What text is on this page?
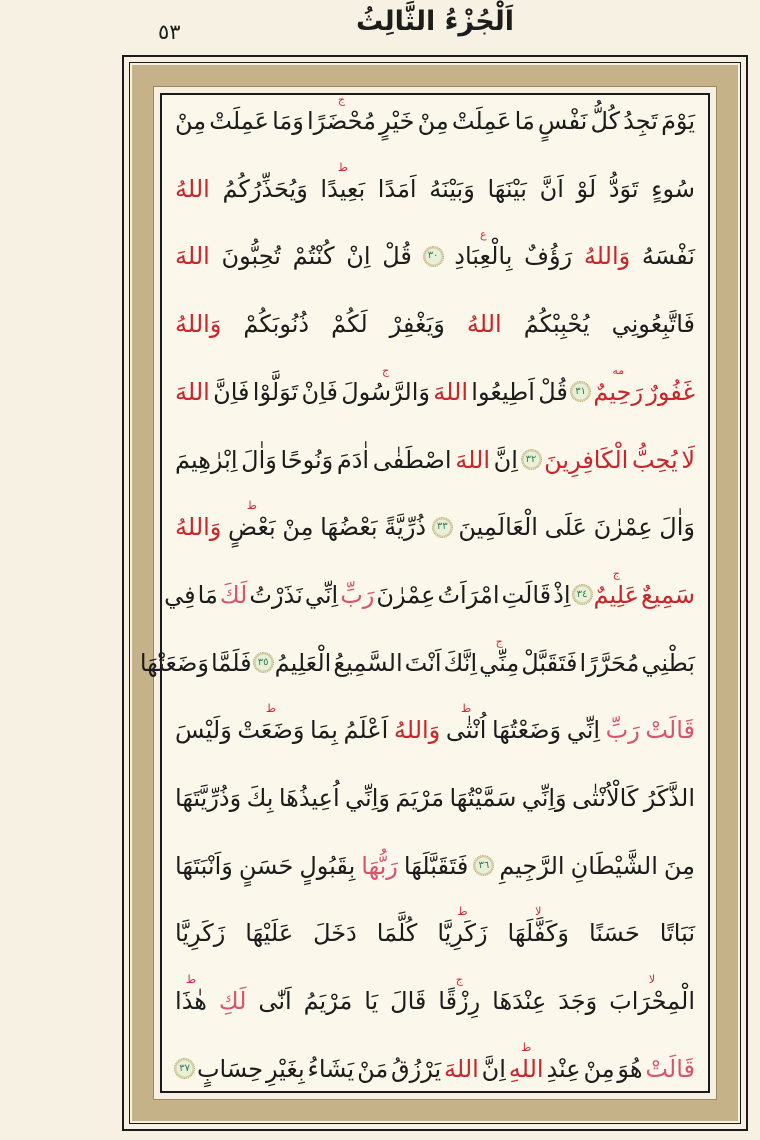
اَلْجُزْءُ الثَّالِثُ
٥٣
يَوْمَ
تَجِدُ
كُلُّ
نَفْسٍ
مَا
عَمِلَتْ
مِنْ
خَيْرٍ
مُحْضَرًا
ج
وَمَا
عَمِلَتْ
مِنْ
سُوءٍ
تَوَدُّ
لَوْ
اَنَّ
بَيْنَهَا
وَبَيْنَهُ
اَمَدًا
بَعِيدًا
ط
وَيُحَذِّرُكُمُ
اللهُ
نَفْسَهُ
وَاللهُ
رَؤُفٌ
بِالْعِبَادِ
ع
٣٠
قُلْ
اِنْ
كُنْتُمْ
تُحِبُّونَ
اللهَ
فَاتَّبِعُونِي
يُحْبِبْكُمُ
اللهُ
وَيَغْفِرْ
لَكُمْ
ذُنُوبَكُمْ
وَاللهُ
غَفُورٌ
رَحِيمٌ
مه
٣١
قُلْ
اَطِيعُوا
اللهَ
وَالرَّسُولَ
ج
فَاِنْ
تَوَلَّوْا
فَاِنَّ
اللهَ
لَا
يُحِبُّ
الْكَافِرِينَ
٣٢
اِنَّ
اللهَ
اصْطَفٰى
اٰدَمَ
وَنُوحًا
وَاٰلَ
اِبْرٰهِيمَ
وَاٰلَ
عِمْرٰنَ
عَلَى
الْعَالَمِينَ
٣٣
ذُرِّيَّةً
بَعْضُهَا
مِنْ
بَعْضٍ
ط
وَاللهُ
سَمِيعٌ
عَلِيمٌ
ج
٣٤
اِذْ
قَالَتِ
امْرَاَتُ
عِمْرٰنَ
رَبِّ
اِنِّي
نَذَرْتُ
لَكَ
مَا
فِي
بَطْنِي
مُحَرَّرًا
فَتَقَبَّلْ
مِنِّي
ج
اِنَّكَ
اَنْتَ
السَّمِيعُ
الْعَلِيمُ
٣٥
فَلَمَّا
وَضَعَتْهَا
قَالَتْ
رَبِّ
اِنِّي
وَضَعْتُهَا
اُنْثٰى
ط
وَاللهُ
اَعْلَمُ
بِمَا
وَضَعَتْ
ط
وَلَيْسَ
الذَّكَرُ
كَالْاُنْثٰى
وَاِنِّي
سَمَّيْتُهَا
مَرْيَمَ
وَاِنِّي
اُعِيذُهَا
بِكَ
وَذُرِّيَّتَهَا
مِنَ
الشَّيْطَانِ
الرَّجِيمِ
٣٦
فَتَقَبَّلَهَا
رَبُّهَا
بِقَبُولٍ
حَسَنٍ
وَاَنْبَتَهَا
نَبَاتًا
حَسَنًا
وَكَفَّلَهَا
لا
زَكَرِيَّا
ط
كُلَّمَا
دَخَلَ
عَلَيْهَا
زَكَرِيَّا
الْمِحْرَابَ
لا
وَجَدَ
عِنْدَهَا
رِزْقًا
ج
قَالَ
يَا
مَرْيَمُ
اَنّٰى
لَكِ
هٰذَا
ط
قَالَتْ
هُوَ
مِنْ
عِنْدِ
اللهِ
ط
اِنَّ
اللهَ
يَرْزُقُ
مَنْ
يَشَاءُ
بِغَيْرِ
حِسَابٍ
٣٧
